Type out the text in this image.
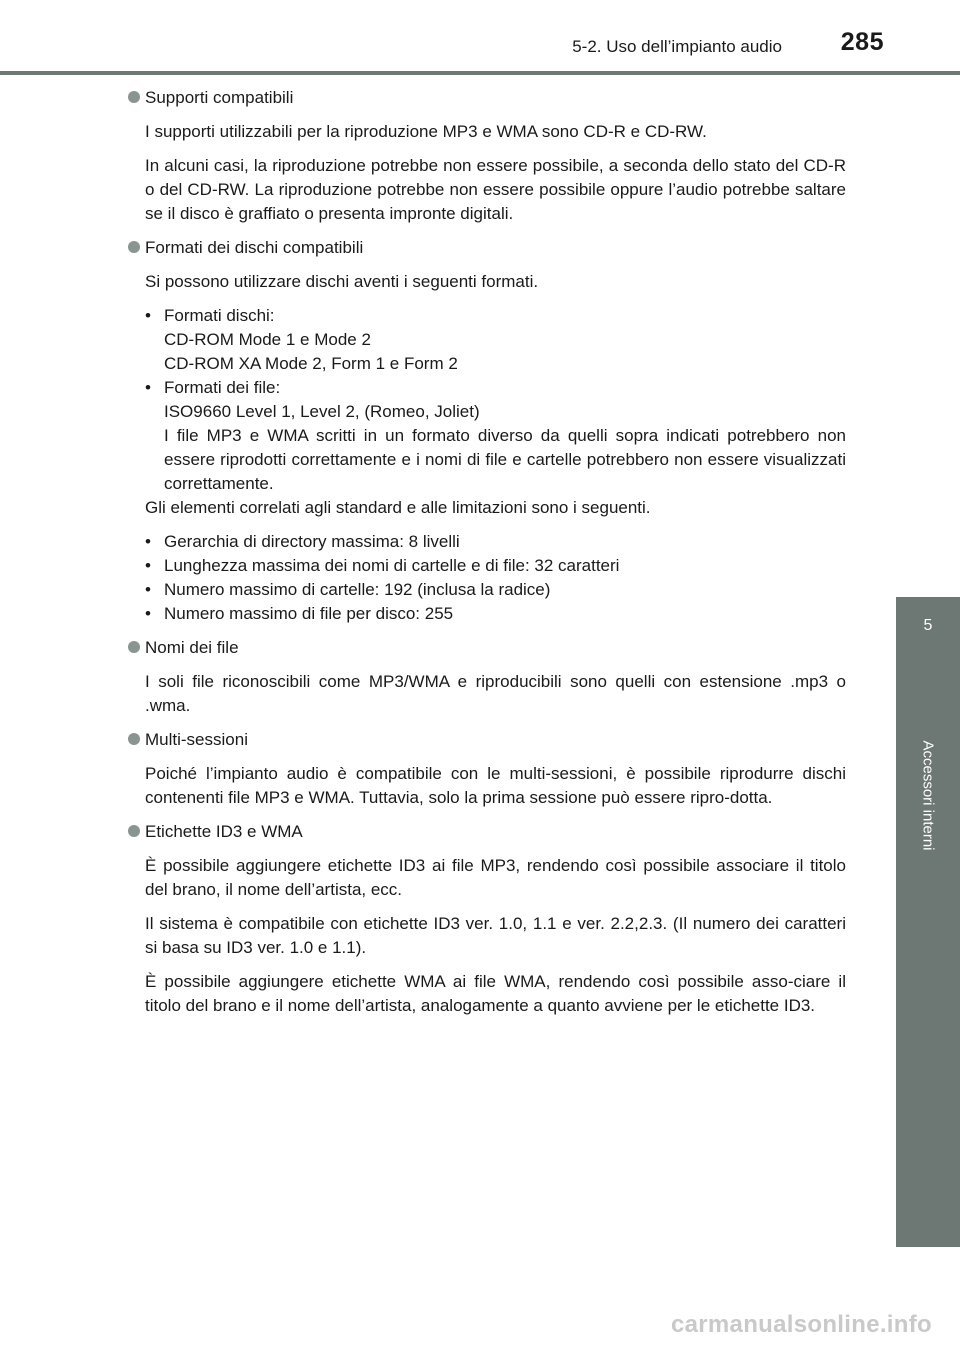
5-2. Uso dell’impianto audio 285
5
Accessori interni
Supporti compatibili

I supporti utilizzabili per la riproduzione MP3 e WMA sono CD-R e CD-RW.

In alcuni casi, la riproduzione potrebbe non essere possibile, a seconda dello stato del CD-R o del CD-RW. La riproduzione potrebbe non essere possibile oppure l’audio potrebbe saltare se il disco è graffiato o presenta impronte digitali.

Formati dei dischi compatibili

Si possono utilizzare dischi aventi i seguenti formati.

• Formati dischi:
CD-ROM Mode 1 e Mode 2
CD-ROM XA Mode 2, Form 1 e Form 2
• Formati dei file:
ISO9660 Level 1, Level 2, (Romeo, Joliet)
I file MP3 e WMA scritti in un formato diverso da quelli sopra indicati potrebbero non essere riprodotti correttamente e i nomi di file e cartelle potrebbero non essere visualizzati correttamente.

Gli elementi correlati agli standard e alle limitazioni sono i seguenti.

• Gerarchia di directory massima: 8 livelli
• Lunghezza massima dei nomi di cartelle e di file: 32 caratteri
• Numero massimo di cartelle: 192 (inclusa la radice)
• Numero massimo di file per disco: 255
Nomi dei file

I soli file riconoscibili come MP3/WMA e riproducibili sono quelli con estensione .mp3 o .wma.

Multi-sessioni

Poiché l’impianto audio è compatibile con le multi-sessioni, è possibile riprodurre dischi contenenti file MP3 e WMA. Tuttavia, solo la prima sessione può essere ripro-dotta.

Etichette ID3 e WMA

È possibile aggiungere etichette ID3 ai file MP3, rendendo così possibile associare il titolo del brano, il nome dell’artista, ecc.

Il sistema è compatibile con etichette ID3 ver. 1.0, 1.1 e ver. 2.2,2.3. (Il numero dei caratteri si basa su ID3 ver. 1.0 e 1.1).

È possibile aggiungere etichette WMA ai file WMA, rendendo così possibile asso-ciare il titolo del brano e il nome dell’artista, analogamente a quanto avviene per le etichette ID3.

carmanualsonline.info
